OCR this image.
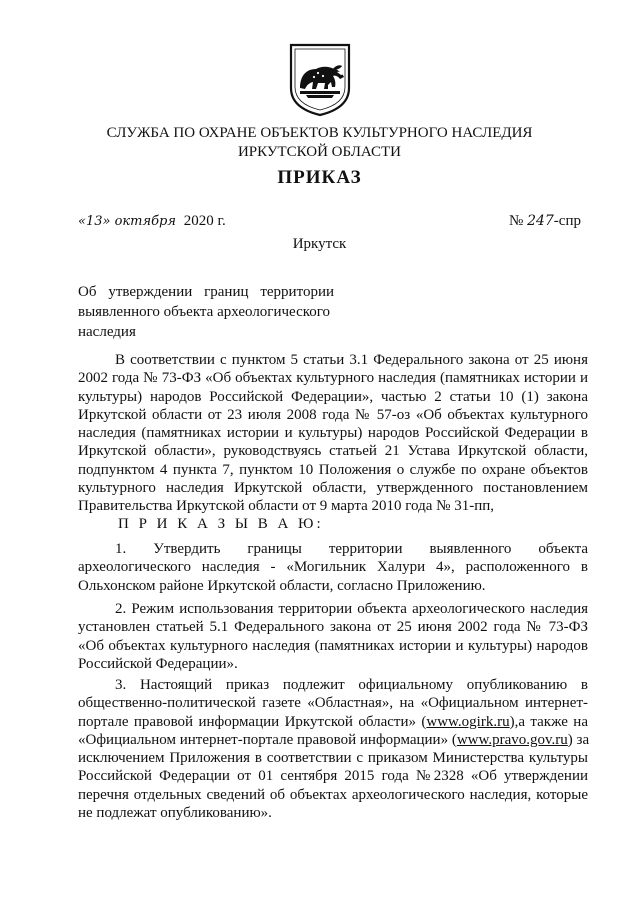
СЛУЖБА ПО ОХРАНЕ ОБЪЕКТОВ КУЛЬТУРНОГО НАСЛЕДИЯ
ИРКУТСКОЙ ОБЛАСТИ
ПРИКАЗ
«13» октября 2020 г.	№ 247-спр
Иркутск
Об утверждении границ территории
выявленного объекта археологического
наследия
В соответствии с пунктом 5 статьи 3.1 Федерального закона от 25 июня
2002 года № 73-ФЗ «Об объектах культурного наследия (памятниках истории и
культуры) народов Российской Федерации», частью 2 статьи 10 (1) закона
Иркутской области от 23 июля 2008 года № 57-оз «Об объектах культурного
наследия (памятниках истории и культуры) народов Российской Федерации в
Иркутской области», руководствуясь статьей 21 Устава Иркутской области,
подпунктом 4 пункта 7, пунктом 10 Положения о службе по охране объектов
культурного наследия Иркутской области, утвержденного постановлением
Правительства Иркутской области от 9 марта 2010 года № 31-пп,
П Р И К А З Ы В А Ю:
1. Утвердить границы территории выявленного объекта
археологического наследия - «Могильник Халури 4», расположенного в
Ольхонском районе Иркутской области, согласно Приложению.
2. Режим использования территории объекта археологического наследия
установлен статьей 5.1 Федерального закона от 25 июня 2002 года № 73-ФЗ
«Об объектах культурного наследия (памятниках истории и культуры) народов
Российской Федерации».
3. Настоящий приказ подлежит официальному опубликованию в
общественно-политической газете «Областная», на «Официальном интернет-
портале правовой информации Иркутской области» (www.ogirk.ru),а также на
«Официальном интернет-портале правовой информации» (www.pravo.gov.ru) за
исключением Приложения в соответствии с приказом Министерства культуры
Российской Федерации от 01 сентября 2015 года №2328 «Об утверждении
перечня отдельных сведений об объектах археологического наследия, которые
не подлежат опубликованию».
